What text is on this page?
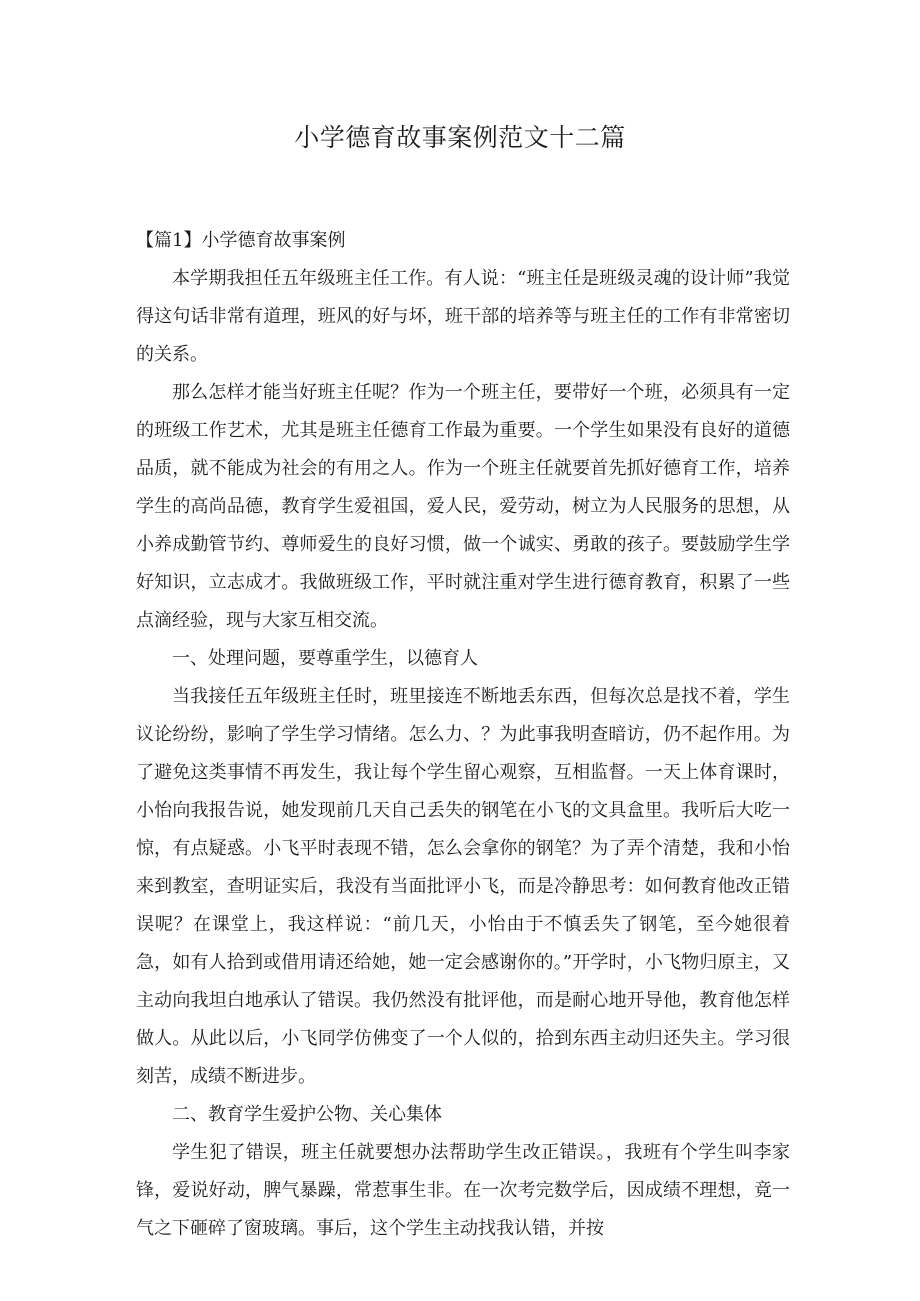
小学德育故事案例范文十二篇
【篇1】小学德育故事案例

本学期我担任五年级班主任工作。有人说：“班主任是班级灵魂的设计师”我觉得这句话非常有道理，班风的好与坏，班干部的培养等与班主任的工作有非常密切的关系。

那么怎样才能当好班主任呢？作为一个班主任，要带好一个班，必须具有一定的班级工作艺术，尤其是班主任德育工作最为重要。一个学生如果没有良好的道德品质，就不能成为社会的有用之人。作为一个班主任就要首先抓好德育工作，培养学生的高尚品德，教育学生爱祖国，爱人民，爱劳动，树立为人民服务的思想，从小养成勤管节约、尊师爱生的良好习惯，做一个诚实、勇敢的孩子。要鼓励学生学好知识，立志成才。我做班级工作，平时就注重对学生进行德育教育，积累了一些点滴经验，现与大家互相交流。

一、处理问题，要尊重学生，以德育人

当我接任五年级班主任时，班里接连不断地丢东西，但每次总是找不着，学生议论纷纷，影响了学生学习情绪。怎么力、？为此事我明查暗访，仍不起作用。为了避免这类事情不再发生，我让每个学生留心观察，互相监督。一天上体育课时，小怡向我报告说，她发现前几天自己丢失的钢笔在小飞的文具盒里。我听后大吃一惊，有点疑惑。小飞平时表现不错，怎么会拿你的钢笔？为了弄个清楚，我和小怡来到教室，查明证实后，我没有当面批评小飞，而是冷静思考：如何教育他改正错误呢？在课堂上，我这样说：“前几天，小怡由于不慎丢失了钢笔，至今她很着急，如有人拾到或借用请还给她，她一定会感谢你的。”开学时，小飞物归原主，又主动向我坦白地承认了错误。我仍然没有批评他，而是耐心地开导他，教育他怎样做人。从此以后，小飞同学仿佛变了一个人似的，拾到东西主动归还失主。学习很刻苦，成绩不断进步。

二、教育学生爱护公物、关心集体

学生犯了错误，班主任就要想办法帮助学生改正错误。，我班有个学生叫李家锋，爱说好动，脾气暴躁，常惹事生非。在一次考完数学后，因成绩不理想，竟一气之下砸碎了窗玻璃。事后，这个学生主动找我认错，并按
